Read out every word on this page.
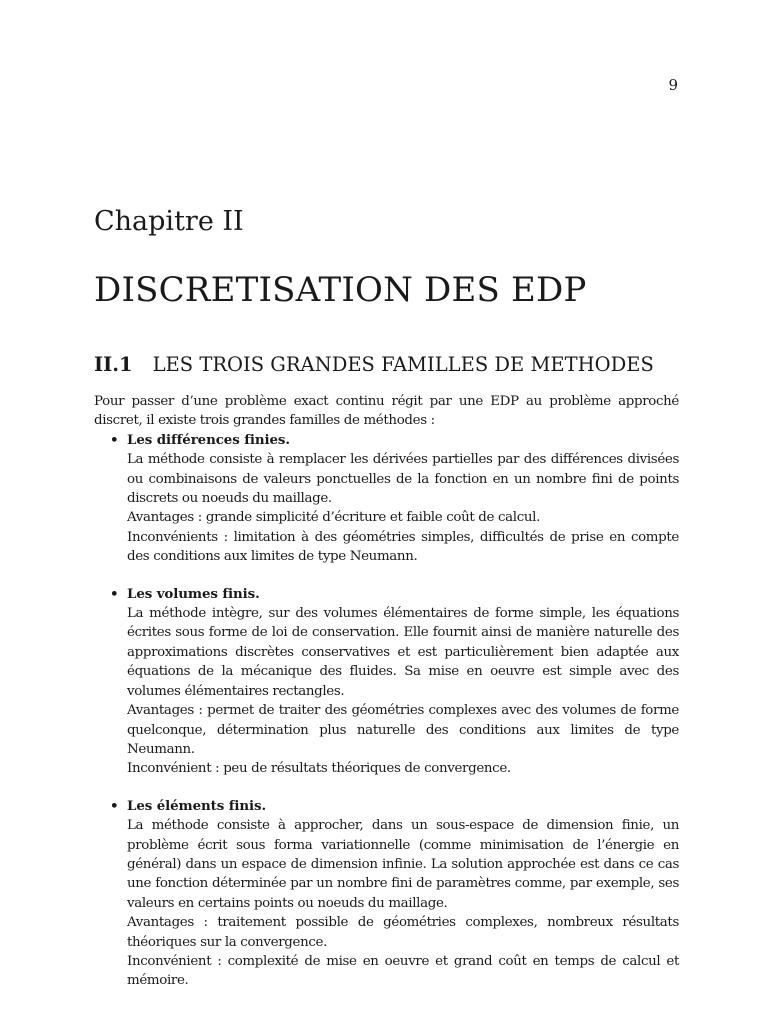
9
Chapitre II
DISCRETISATION DES EDP
II.1 LES TROIS GRANDES FAMILLES DE METHODES

Pour passer d’une problème exact continu régit par une EDP au problème approché discret, il existe trois grandes familles de méthodes :

• Les différences finies.

La méthode consiste à remplacer les dérivées partielles par des différences divisées ou combinaisons de valeurs ponctuelles de la fonction en un nombre fini de points discrets ou noeuds du maillage.

Avantages : grande simplicité d’écriture et faible coût de calcul.

Inconvénients : limitation à des géométries simples, difficultés de prise en compte des conditions aux limites de type Neumann.

• Les volumes finis.

La méthode intègre, sur des volumes élémentaires de forme simple, les équations écrites sous forme de loi de conservation. Elle fournit ainsi de manière naturelle des approximations discrètes conservatives et est particulièrement bien adaptée aux équations de la mécanique des fluides. Sa mise en oeuvre est simple avec des volumes élémentaires rectangles.

Avantages : permet de traiter des géométries complexes avec des volumes de forme quelconque, détermination plus naturelle des conditions aux limites de type Neumann.

Inconvénient : peu de résultats théoriques de convergence.

• Les éléments finis.

La méthode consiste à approcher, dans un sous-espace de dimension finie, un problème écrit sous forma variationnelle (comme minimisation de l’énergie en général) dans un espace de dimension infinie. La solution approchée est dans ce cas une fonction déterminée par un nombre fini de paramètres comme, par exemple, ses valeurs en certains points ou noeuds du maillage.

Avantages : traitement possible de géométries complexes, nombreux résultats théoriques sur la convergence.

Inconvénient : complexité de mise en oeuvre et grand coût en temps de calcul et mémoire.
